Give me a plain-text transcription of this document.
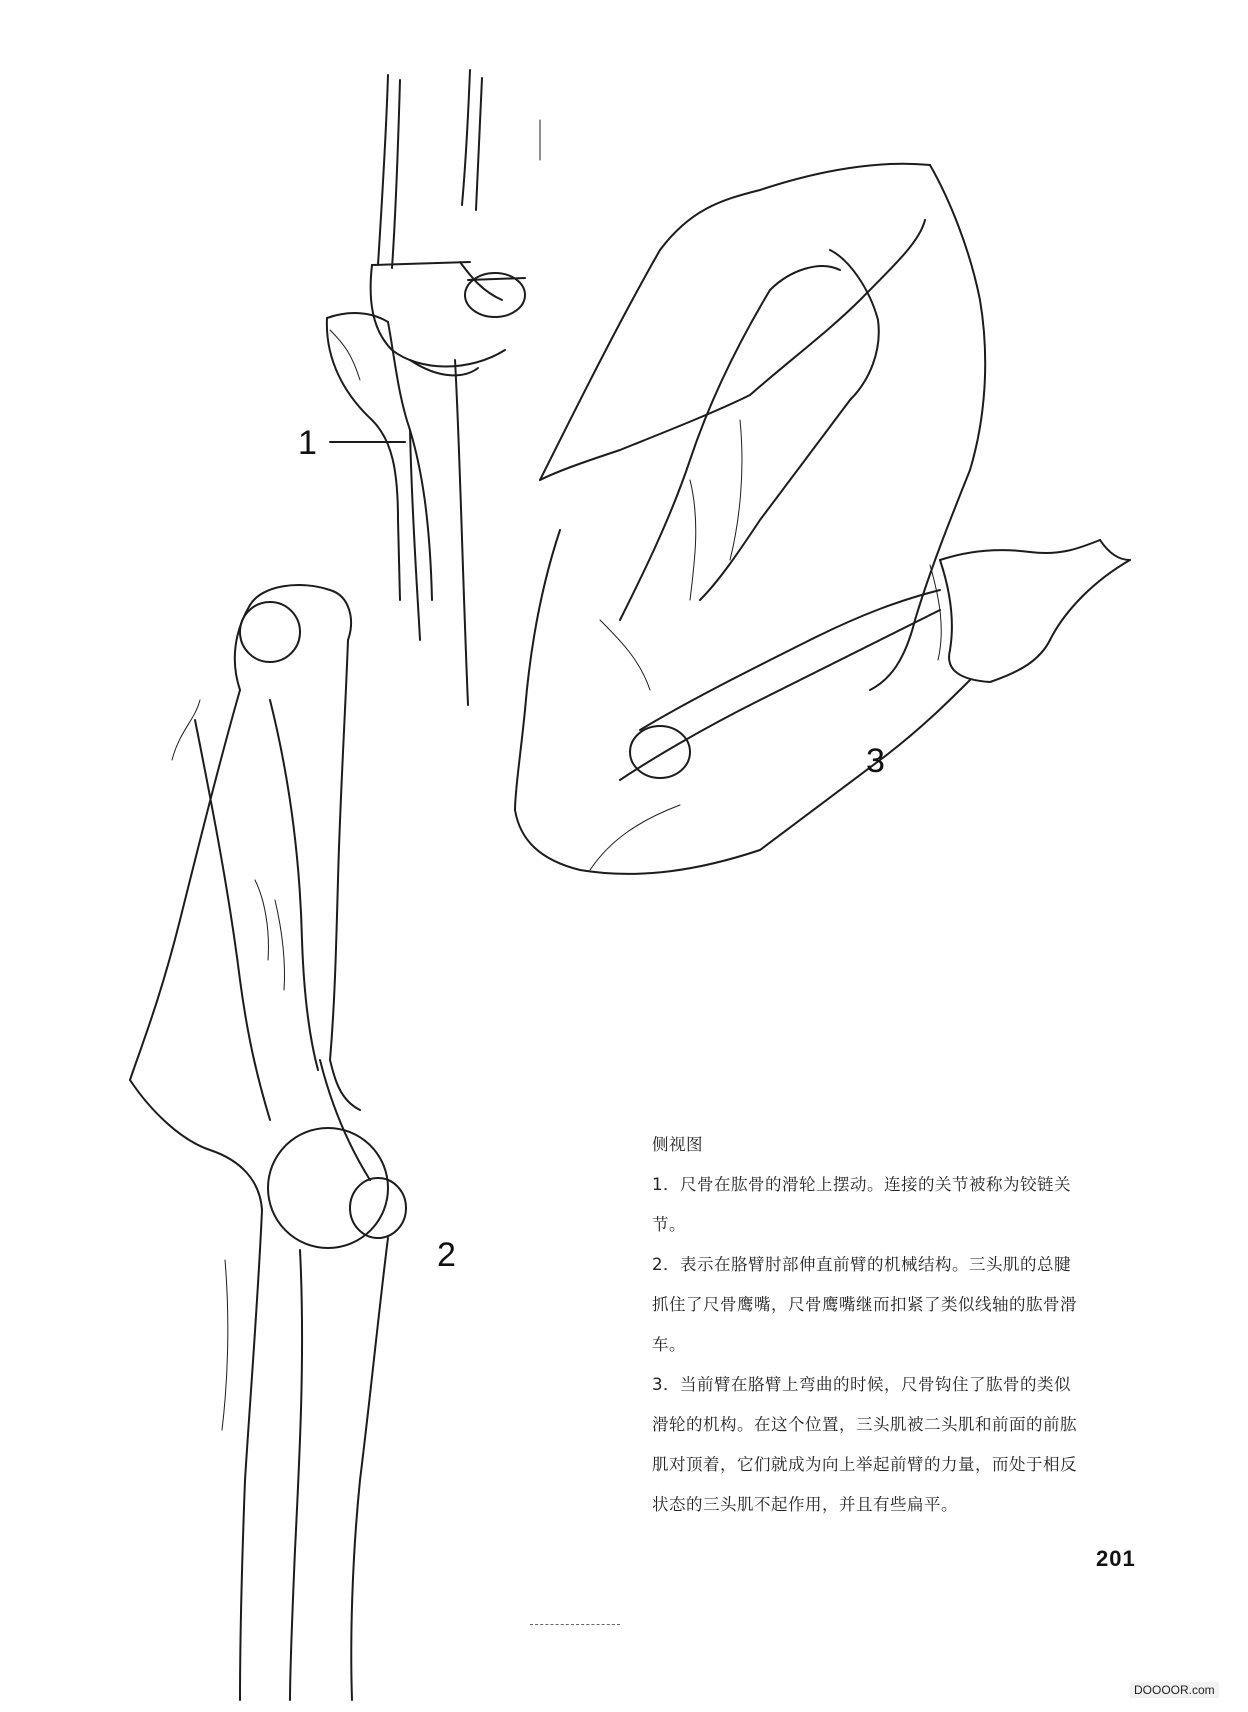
1
2
3

侧视图

1．尺骨在肱骨的滑轮上摆动。连接的关节被称为铰链关节。

2．表示在胳臂肘部伸直前臂的机械结构。三头肌的总腱抓住了尺骨鹰嘴，尺骨鹰嘴继而扣紧了类似线轴的肱骨滑车。

3．当前臂在胳臂上弯曲的时候，尺骨钩住了肱骨的类似滑轮的机构。在这个位置，三头肌被二头肌和前面的前肱肌对顶着，它们就成为向上举起前臂的力量，而处于相反状态的三头肌不起作用，并且有些扁平。

201
DOOOOR.com
